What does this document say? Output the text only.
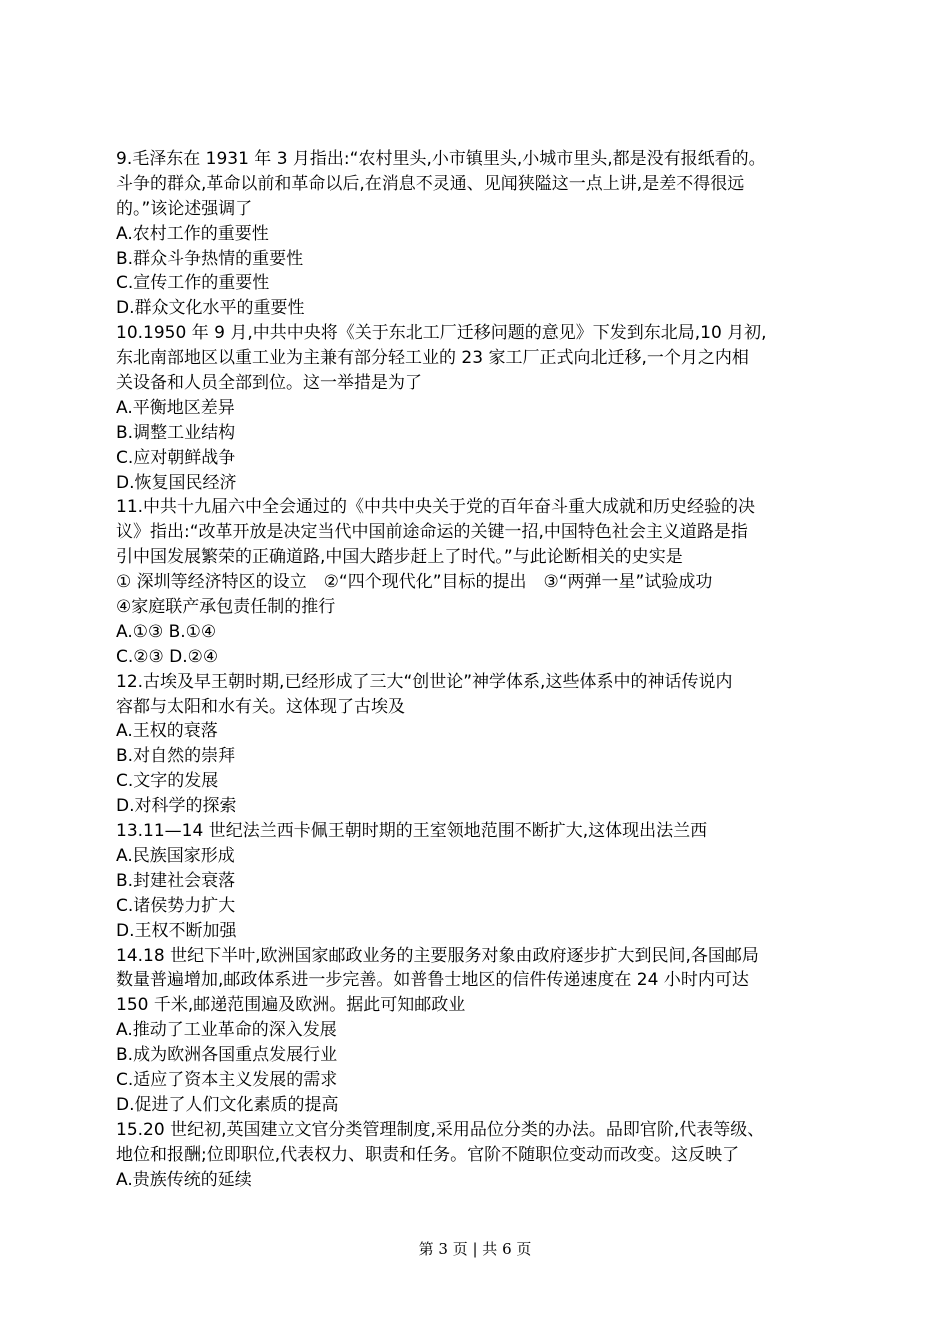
9.毛泽东在 1931 年 3 月指出:“农村里头,小市镇里头,小城市里头,都是没有报纸看的。
斗争的群众,革命以前和革命以后,在消息不灵通、见闻狭隘这一点上讲,是差不得很远
的。”该论述强调了
A.农村工作的重要性
B.群众斗争热情的重要性
C.宣传工作的重要性
D.群众文化水平的重要性
10.1950 年 9 月,中共中央将《关于东北工厂迁移问题的意见》下发到东北局,10 月初,
东北南部地区以重工业为主兼有部分轻工业的 23 家工厂正式向北迁移,一个月之内相
关设备和人员全部到位。这一举措是为了
A.平衡地区差异
B.调整工业结构
C.应对朝鲜战争
D.恢复国民经济
11.中共十九届六中全会通过的《中共中央关于党的百年奋斗重大成就和历史经验的决
议》指出:“改革开放是决定当代中国前途命运的关键一招,中国特色社会主义道路是指
引中国发展繁荣的正确道路,中国大踏步赶上了时代。”与此论断相关的史实是
① 深圳等经济特区的设立　②“四个现代化”目标的提出　③“两弹一星”试验成功
④家庭联产承包责任制的推行
A.①③ B.①④
C.②③ D.②④
12.古埃及早王朝时期,已经形成了三大“创世论”神学体系,这些体系中的神话传说内
容都与太阳和水有关。这体现了古埃及
A.王权的衰落
B.对自然的崇拜
C.文字的发展
D.对科学的探索
13.11—14 世纪法兰西卡佩王朝时期的王室领地范围不断扩大,这体现出法兰西
A.民族国家形成
B.封建社会衰落
C.诸侯势力扩大
D.王权不断加强
14.18 世纪下半叶,欧洲国家邮政业务的主要服务对象由政府逐步扩大到民间,各国邮局
数量普遍增加,邮政体系进一步完善。如普鲁士地区的信件传递速度在 24 小时内可达
150 千米,邮递范围遍及欧洲。据此可知邮政业
A.推动了工业革命的深入发展
B.成为欧洲各国重点发展行业
C.适应了资本主义发展的需求
D.促进了人们文化素质的提高
15.20 世纪初,英国建立文官分类管理制度,采用品位分类的办法。品即官阶,代表等级、
地位和报酬;位即职位,代表权力、职责和任务。官阶不随职位变动而改变。这反映了
A.贵族传统的延续
第 3 页 | 共 6 页
